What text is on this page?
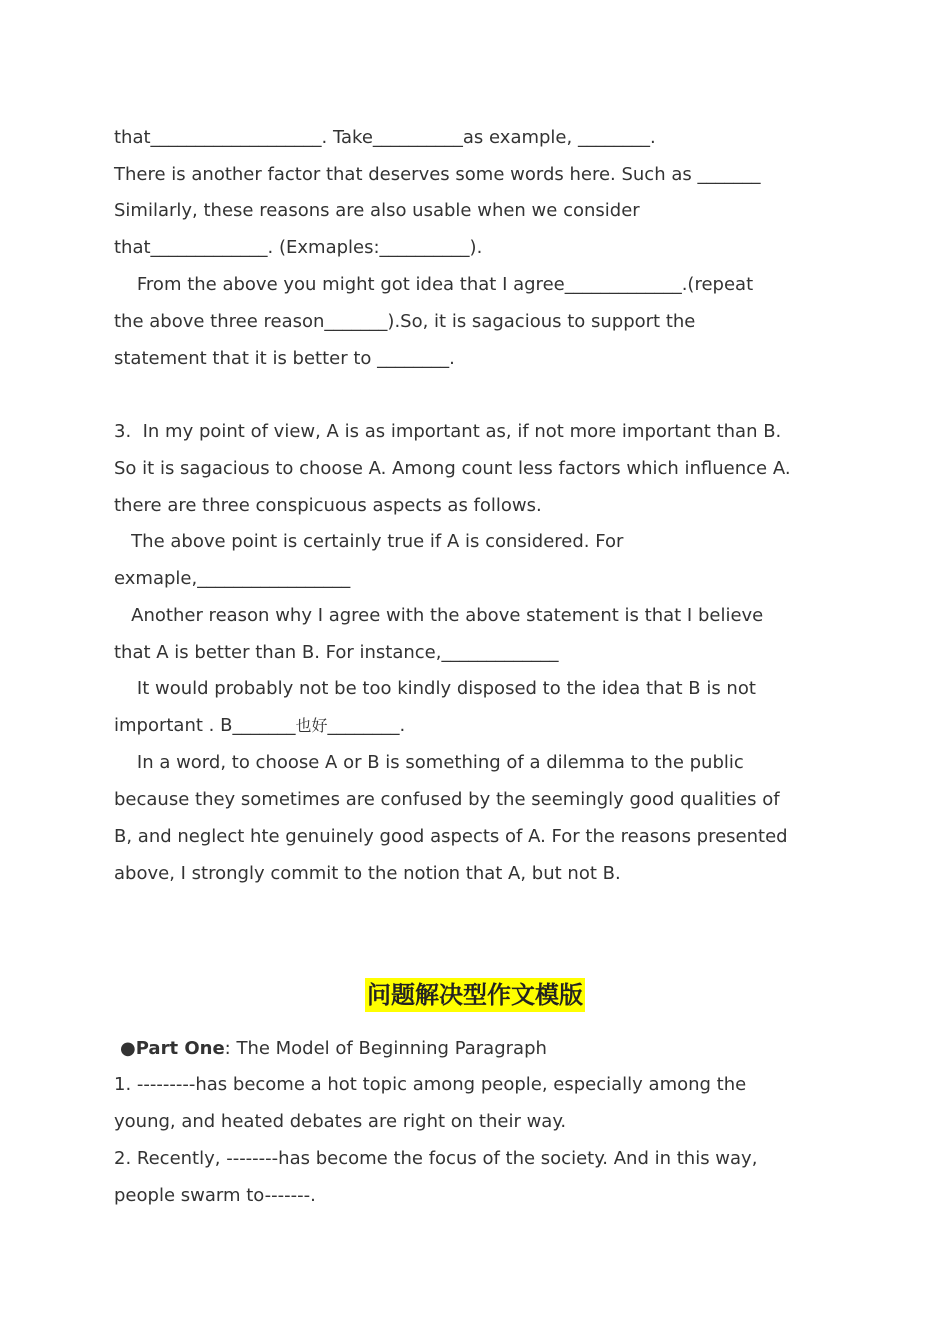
that___________________. Take__________as example, ________.
There is another factor that deserves some words here. Such as _______
Similarly, these reasons are also usable when we consider
that_____________. (Exmaples:__________).
From the above you might got idea that I agree_____________.(repeat
the above three reason_______).So, it is sagacious to support the
statement that it is better to ________.
3.  In my point of view, A is as important as, if not more important than B.
So it is sagacious to choose A. Among count less factors which influence A.
there are three conspicuous aspects as follows.
The above point is certainly true if A is considered. For
exmaple,_________________
Another reason why I agree with the above statement is that I believe
that A is better than B. For instance,_____________
It would probably not be too kindly disposed to the idea that B is not
important . B_______也好________.
In a word, to choose A or B is something of a dilemma to the public
because they sometimes are confused by the seemingly good qualities of
B, and neglect hte genuinely good aspects of A. For the reasons presented
above, I strongly commit to the notion that A, but not B.
问题解决型作文模版
●Part One: The Model of Beginning Paragraph
1. ---------has become a hot topic among people, especially among the
young, and heated debates are right on their way.
2. Recently, --------has become the focus of the society. And in this way,
people swarm to-------.
